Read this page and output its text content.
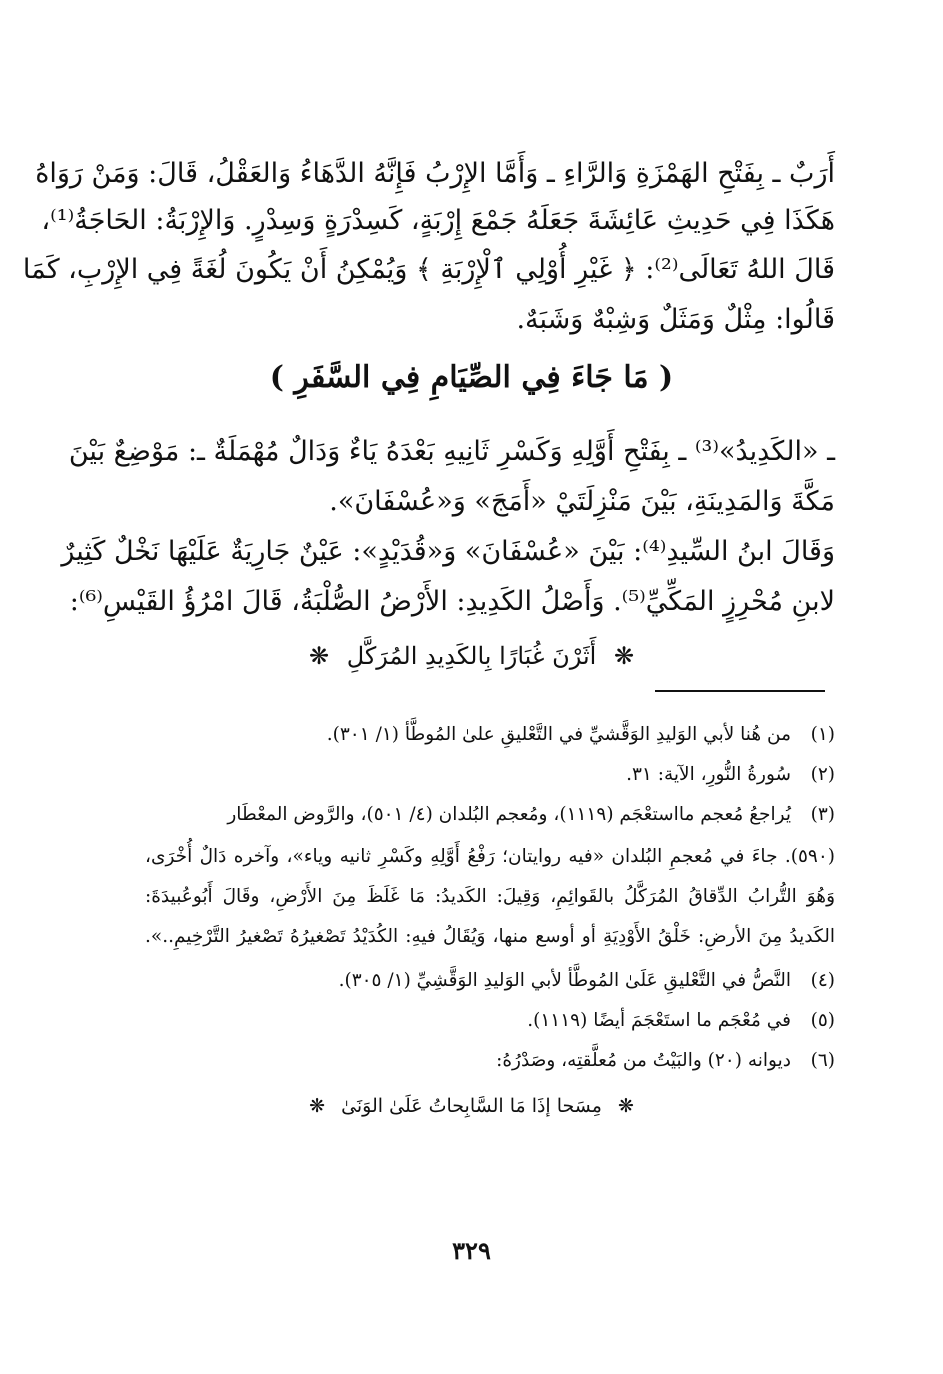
أَرَبٌ ـ بِفَتْحِ الهَمْزَةِ وَالرَّاءِ ـ وَأَمَّا الإِرْبُ فَإِنَّهُ الدَّهَاءُ وَالعَقْلُ، قَالَ: وَمَنْ رَوَاهُ
هَكَذَا فِي حَدِيثِ عَائِشَةَ جَعَلَهُ جَمْعَ إِرْبَةٍ، كَسِدْرَةٍ وَسِدْرٍ. وَالإِرْبَةُ: الحَاجَةُ⁽¹⁾،
قَالَ اللهُ تَعَالَى⁽²⁾: ﴿ غَيْرِ أُوْلِي ٱلْإِرْبَةِ ﴾ وَيُمْكِنُ أَنْ يَكُونَ لُغَةً فِي الإِرْبِ، كَمَا
قَالُوا: مِثْلٌ وَمَثَلٌ وَشِبْهٌ وَشَبَهٌ.
( مَا جَاءَ فِي الصِّيَامِ فِي السَّفَرِ )
ـ «الكَدِيدُ»⁽³⁾ ـ بِفَتْحِ أَوَّلِهِ وَكَسْرِ ثَانِيهِ بَعْدَهُ يَاءٌ وَدَالٌ مُهْمَلَةٌ ـ: مَوْضِعٌ بَيْنَ
مَكَّةَ وَالمَدِينَةِ، بَيْنَ مَنْزِلَتَيْ «أَمَجَ» وَ«عُسْفَانَ».
وَقَالَ ابنُ السِّيدِ⁽⁴⁾: بَيْنَ «عُسْفَانَ» وَ«قُدَيْدٍ»: عَيْنٌ جَارِيَةٌ عَلَيْهَا نَخْلٌ كَثِيرٌ
لابنِ مُحْرِزٍ المَكِّيِّ⁽⁵⁾. وَأَصْلُ الكَدِيدِ: الأَرْضُ الصُّلْبَةُ، قَالَ امْرُؤُ القَيْسِ⁽⁶⁾:
❋ أَثَرْنَ غُبَارًا بِالكَدِيدِ المُرَكَّلِ ❋
(١)من هُنا لأبي الوَليدِ الوَقَّشيِّ في التَّعْليقِ علىٰ المُوطَّأ (١/ ٣٠١).
(٢)سُورةُ النُّورِ، الآية: ٣١.
(٣)يُراجعُ مُعجم مااستعْجَم (١١١٩)، ومُعجم البُلدان (٤/ ٥٠١)، والرَّوض المعْطَار
(٥٩٠). جاءَ في مُعجمِ البُلدان «فيه روايتان؛ رَفْعُ أَوَّلِهِ وكَسْرِ ثانيه وياء»، وآخره دَالٌ أُخْرَى،
وَهُوَ التُّرابُ الدِّقاقُ المُرَكَّلُ بالقَوائِمِ، وَقِيلَ: الكَديدُ: مَا غَلَظَ مِنَ الأَرْضِ، وقَالَ أَبُوعُبيدَةَ:
الكَديدُ مِنَ الأرضِ: خَلْقُ الأَوْدِيَةِ أو أوسع منها، وَيُقَالُ فيهِ: الكُدَيْدُ تَصْغيرُهُ تَصْغيرُ التَّرْخِيمِ..».
(٤)النَّصُّ في التَّعْليقِ عَلَىٰ المُوطَّأ لأبي الوَليدِ الوَقَّشِيِّ (١/ ٣٠٥).
(٥)في مُعْجَم ما استَعْجَمَ أيضًا (١١١٩).
(٦)ديوانه (٢٠) والبَيْتُ من مُعلَّقتِه، وصَدْرُهُ:
❋ مِسَحا إذَا مَا السَّابِحاتُ عَلَىٰ الوَنَىٰ ❋
٣٢٩
